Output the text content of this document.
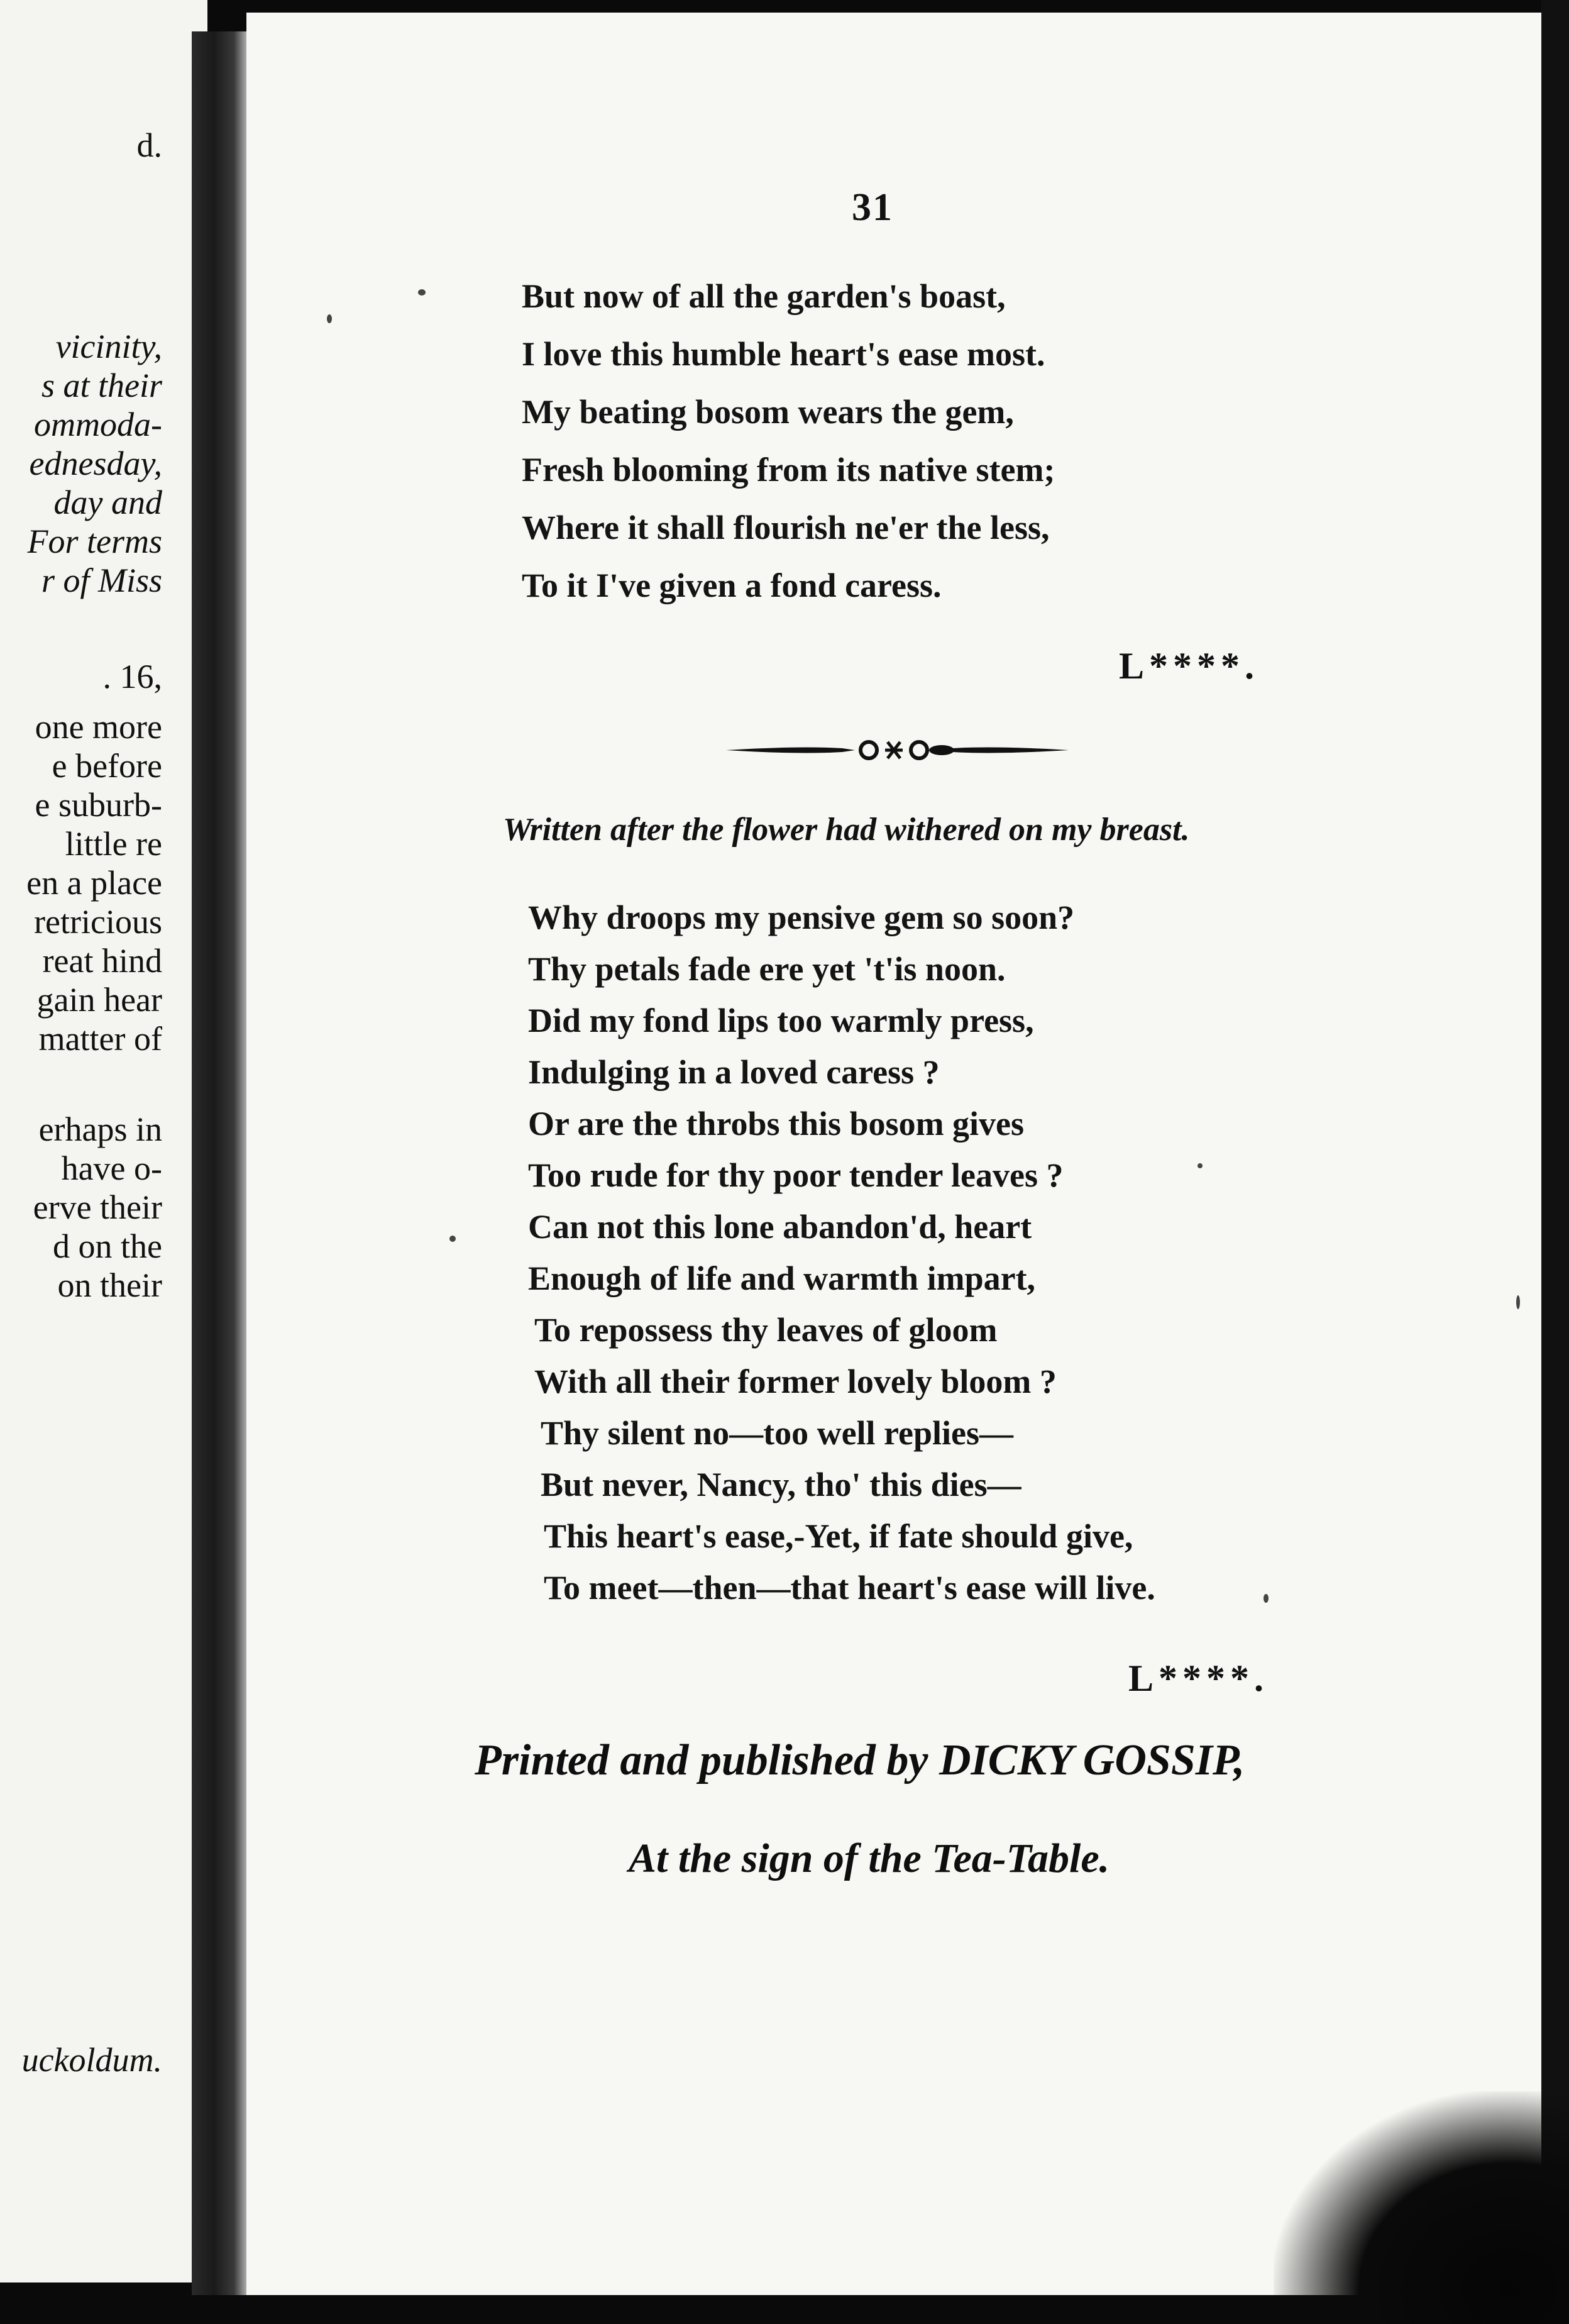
d.
vicinity,
s at their
ommoda-
ednesday,
day and
For terms
r of Miss
. 16,
one more
e before
e suburb-
little re
en a place
retricious
reat hind
gain hear
matter of
erhaps in
have o-
erve their
d on the
on their
uckoldum.
31
But now of all the garden's boast,
I love this humble heart's ease most.
My beating bosom wears the gem,
Fresh blooming from its native stem;
Where it shall flourish ne'er the less,
To it I've given a fond caress.
L****.
Written after the flower had withered on my breast.
Why droops my pensive gem so soon?
Thy petals fade ere yet 't'is noon.
Did my fond lips too warmly press,
Indulging in a loved caress ?
Or are the throbs this bosom gives
Too rude for thy poor tender leaves ?
Can not this lone abandon'd, heart
Enough of life and warmth impart,
To repossess thy leaves of gloom
With all their former lovely bloom ?
Thy silent no—too well replies—
But never, Nancy, tho' this dies—
This heart's ease,-Yet, if fate should give,
To meet—then—that heart's ease will live.
L****.
Printed and published by DICKY GOSSIP,
At the sign of the Tea-Table.
